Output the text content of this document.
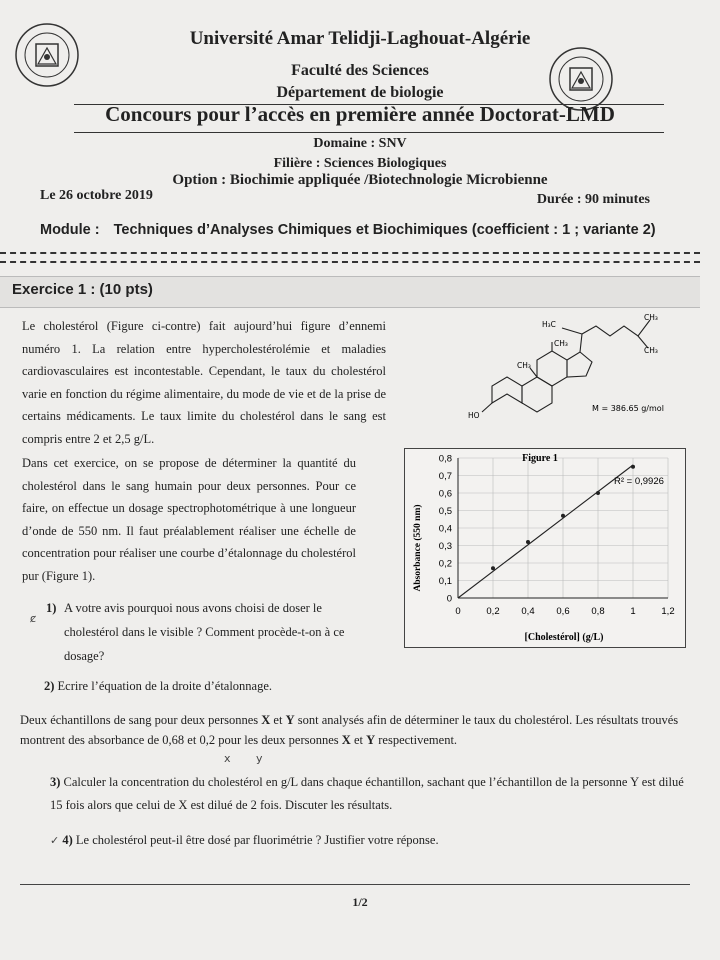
Université Amar Telidji-Laghouat-Algérie
Faculté des Sciences
Département de biologie
Concours pour l’accès en première année Doctorat-LMD
Domaine : SNV
Filière : Sciences Biologiques
Option : Biochimie appliquée /Biotechnologie Microbienne
Le 26 octobre 2019	Durée : 90 minutes
Module : Techniques d’Analyses Chimiques et Biochimiques (coefficient : 1 ; variante 2)
Exercice 1 : (10 pts)
Le cholestérol (Figure ci-contre) fait aujourd’hui figure d’ennemi numéro 1. La relation entre hypercholestérolémie et maladies cardiovasculaires est incontestable. Cependant, le taux du cholestérol varie en fonction du régime alimentaire, du mode de vie et de la prise de certains médicaments. Le taux limite du cholestérol dans le sang est compris entre 2 et 2,5 g/L.
Dans cet exercice, on se propose de déterminer la quantité du cholestérol dans le sang humain pour deux personnes. Pour ce faire, on effectue un dosage spectrophotométrique à une longueur d’onde de 550 nm. Il faut préalablement réaliser une échelle de concentration pour réaliser une courbe d’étalonnage du cholestérol pur (Figure 1).
1) A votre avis pourquoi nous avons choisi de doser le cholestérol dans le visible ? Comment procède-t-on à ce dosage?
ȼ
2) Ecrire l’équation de la droite d’étalonnage.
Deux échantillons de sang pour deux personnes X et Y sont analysés afin de déterminer le taux du cholestérol. Les résultats trouvés montrent des absorbance de 0,68 et 0,2 pour les deux personnes X et Y respectivement.
x y
3) Calculer la concentration du cholestérol en g/L dans chaque échantillon, sachant que l’échantillon de la personne Y est dilué 15 fois alors que celui de X est dilué de 2 fois. Discuter les résultats.
✓ 4) Le cholestérol peut-il être dosé par fluorimétrie ? Justifier votre réponse.
1/2
H₃C
CH₃
CH₃
CH₃
CH₃
HO
M = 386.65 g/mol
0	0,2 0,4 0,6 0,8	1	1,2
0
0,1
0,2
0,3
0,4
0,5
0,6
0,7
0,8	Figure 1
R² = 0,9926
[Cholestérol] (g/L)
Absorbance (550 nm)
